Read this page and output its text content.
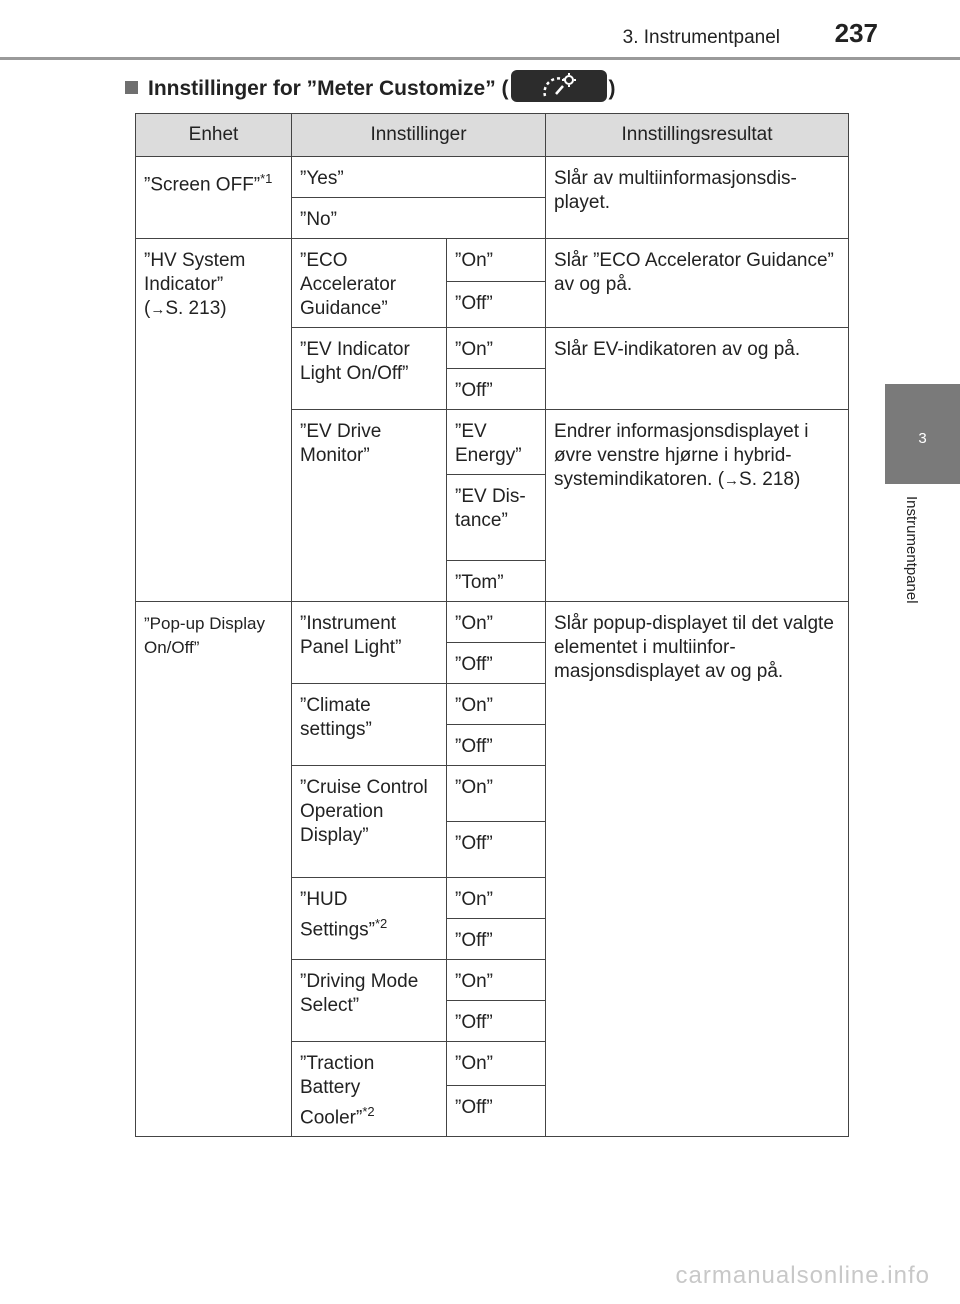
3. Instrumentpanel 237
3
Instrumentpanel
Innstillinger for ”Meter Customize” (	)
Enhet	Innstillinger		Innstillingsresultat
”Screen OFF”$^{*1}$	”Yes”		Slår av multiinformasjonsdisplayet.
	”No”		
”HV System Indicator”
(→S. 213)	”ECO Accelerator Guidance”	”On”	Slår ”ECO Accelerator Guidance” av og på.
		”Off”	
	”EV Indicator Light On/Off”	”On”	Slår EV-indikatoren av og på.
		”Off”	
	”EV Drive Monitor”	”EV Energy”	Endrer informasjonsdisplayet i øvre venstre hjørne i hybridsystemindikatoren. (→S. 218)
		”EV Distance”	
		”Tom”	

”Pop-up Display On/Off”	”Instrument Panel Light”	”On”	Slår popup-displayet til det valgte elementet i multiinformasjonsdisplayet av og på.
		”Off”	
	”Climate settings”	”On”	
		”Off”	
	”Cruise Control Operation Display”	”On”	
		”Off”	
	”HUD Settings”$^{*2}$	”On”	
		”Off”	
	”Driving Mode Select”	”On”	
		”Off”	
	”Traction Battery Cooler”$^{*2}$	”On”	
		”Off”	
carmanualsonline.info
